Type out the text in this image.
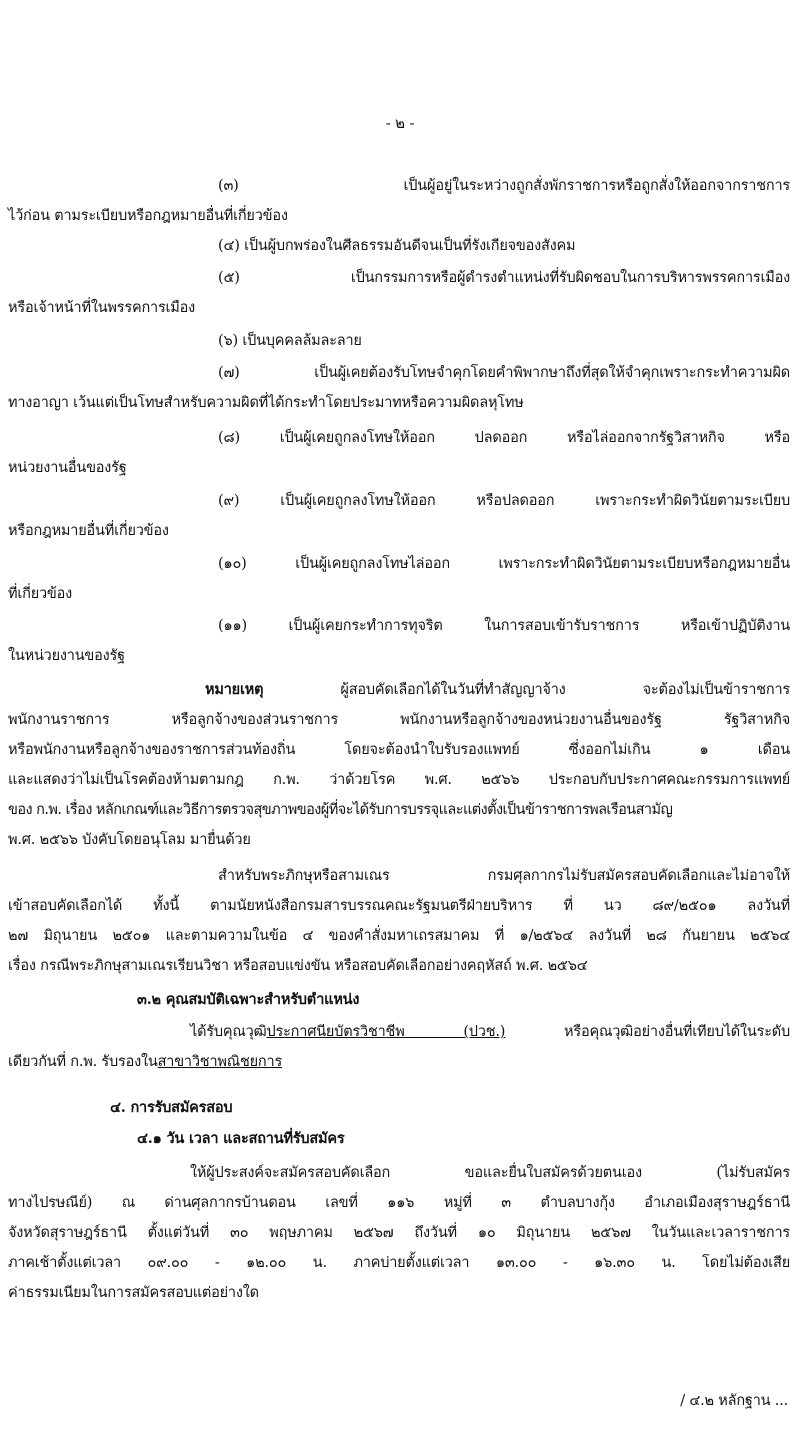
- ๒ -
(๓) เป็นผู้อยู่ในระหว่างถูกสั่งพักราชการหรือถูกสั่งให้ออกจากราชการ
ไว้ก่อน ตามระเบียบหรือกฎหมายอื่นที่เกี่ยวข้อง
(๔) เป็นผู้บกพร่องในศีลธรรมอันดีจนเป็นที่รังเกียจของสังคม
(๕) เป็นกรรมการหรือผู้ดำรงตำแหน่งที่รับผิดชอบในการบริหารพรรคการเมือง
หรือเจ้าหน้าที่ในพรรคการเมือง
(๖) เป็นบุคคลล้มละลาย
(๗) เป็นผู้เคยต้องรับโทษจำคุกโดยคำพิพากษาถึงที่สุดให้จำคุกเพราะกระทำความผิด
ทางอาญา เว้นแต่เป็นโทษสำหรับความผิดที่ได้กระทำโดยประมาทหรือความผิดลหุโทษ
(๘) เป็นผู้เคยถูกลงโทษให้ออก ปลดออก หรือไล่ออกจากรัฐวิสาหกิจ หรือ
หน่วยงานอื่นของรัฐ
(๙) เป็นผู้เคยถูกลงโทษให้ออก หรือปลดออก เพราะกระทำผิดวินัยตามระเบียบ
หรือกฎหมายอื่นที่เกี่ยวข้อง
(๑๐) เป็นผู้เคยถูกลงโทษไล่ออก เพราะกระทำผิดวินัยตามระเบียบหรือกฎหมายอื่น
ที่เกี่ยวข้อง
(๑๑) เป็นผู้เคยกระทำการทุจริต ในการสอบเข้ารับราชการ หรือเข้าปฏิบัติงาน
ในหน่วยงานของรัฐ
หมายเหตุ	ผู้สอบคัดเลือกได้ในวันที่ทำสัญญาจ้าง จะต้องไม่เป็นข้าราชการ
พนักงานราชการ หรือลูกจ้างของส่วนราชการ พนักงานหรือลูกจ้างของหน่วยงานอื่นของรัฐ รัฐวิสาหกิจ
หรือพนักงานหรือลูกจ้างของราชการส่วนท้องถิ่น โดยจะต้องนำใบรับรองแพทย์ ซึ่งออกไม่เกิน ๑ เดือน
และแสดงว่าไม่เป็นโรคต้องห้ามตามกฎ ก.พ. ว่าด้วยโรค พ.ศ. ๒๕๖๖ ประกอบกับประกาศคณะกรรมการแพทย์
ของ ก.พ. เรื่อง หลักเกณฑ์และวิธีการตรวจสุขภาพของผู้ที่จะได้รับการบรรจุและแต่งตั้งเป็นข้าราชการพลเรือนสามัญ
พ.ศ. ๒๕๖๖ บังคับโดยอนุโลม มายื่นด้วย
สำหรับพระภิกษุหรือสามเณร กรมศุลกากรไม่รับสมัครสอบคัดเลือกและไม่อาจให้
เข้าสอบคัดเลือกได้ ทั้งนี้ ตามนัยหนังสือกรมสารบรรณคณะรัฐมนตรีฝ่ายบริหาร ที่ นว ๘๙/๒๕๐๑ ลงวันที่
๒๗ มิถุนายน ๒๕๐๑ และตามความในข้อ ๔ ของคำสั่งมหาเถรสมาคม ที่ ๑/๒๕๖๔ ลงวันที่ ๒๘ กันยายน ๒๕๖๔
เรื่อง กรณีพระภิกษุสามเณรเรียนวิชา หรือสอบแข่งขัน หรือสอบคัดเลือกอย่างคฤหัสถ์ พ.ศ. ๒๕๖๔
๓.๒ คุณสมบัติเฉพาะสำหรับตำแหน่ง
ได้รับคุณวุฒิประกาศนียบัตรวิชาชีพ (ปวช.) หรือคุณวุฒิอย่างอื่นที่เทียบได้ในระดับ
เดียวกันที่ ก.พ. รับรองในสาขาวิชาพณิชยการ
๔. การรับสมัครสอบ
๔.๑ วัน เวลา และสถานที่รับสมัคร
ให้ผู้ประสงค์จะสมัครสอบคัดเลือก ขอและยื่นใบสมัครด้วยตนเอง (ไม่รับสมัคร
ทางไปรษณีย์) ณ ด่านศุลกากรบ้านดอน เลขที่ ๑๑๖ หมู่ที่ ๓ ตำบลบางกุ้ง อำเภอเมืองสุราษฎร์ธานี
จังหวัดสุราษฎร์ธานี ตั้งแต่วันที่ ๓๐ พฤษภาคม ๒๕๖๗ ถึงวันที่ ๑๐ มิถุนายน ๒๕๖๗ ในวันและเวลาราชการ
ภาคเช้าตั้งแต่เวลา ๐๙.๐๐ - ๑๒.๐๐ น. ภาคบ่ายตั้งแต่เวลา ๑๓.๐๐ - ๑๖.๓๐ น. โดยไม่ต้องเสีย
ค่าธรรมเนียมในการสมัครสอบแต่อย่างใด
/ ๔.๒ หลักฐาน ...
